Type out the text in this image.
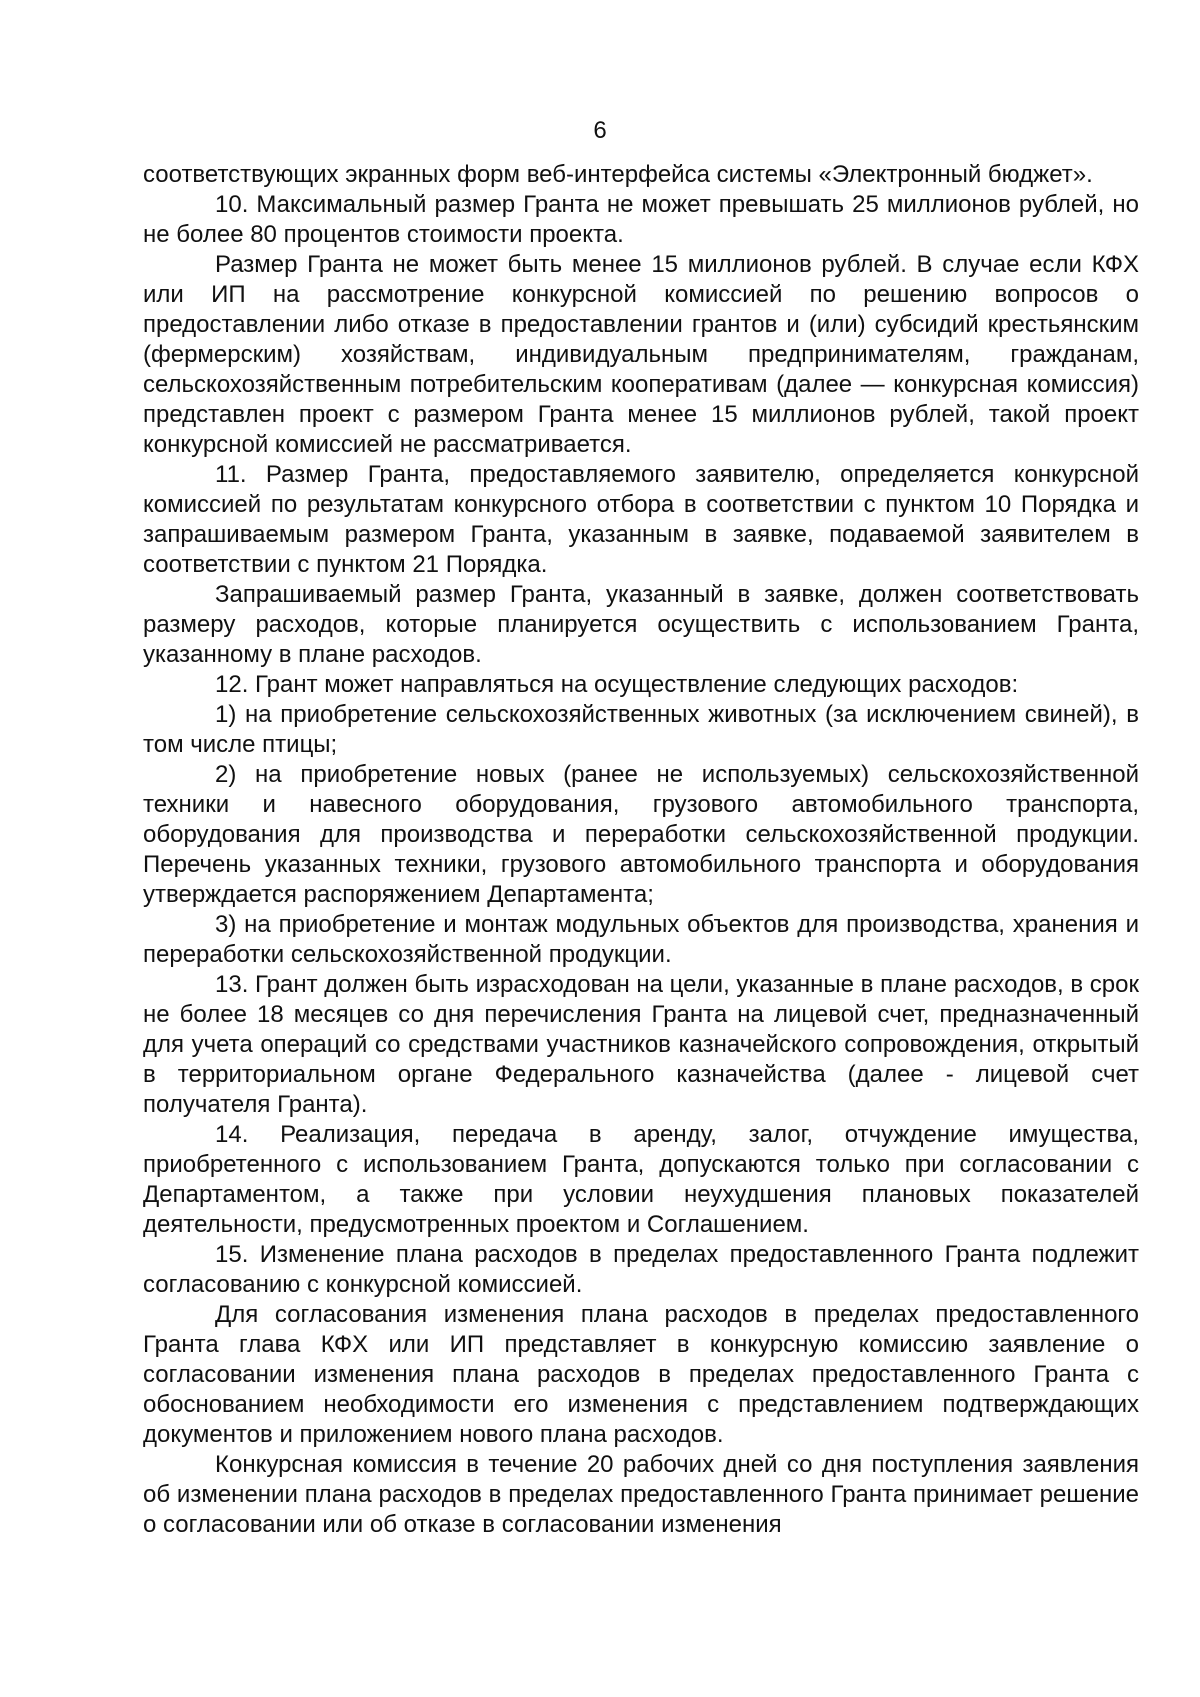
6

соответствующих экранных форм веб-интерфейса системы «Электронный бюджет».

10. Максимальный размер Гранта не может превышать 25 миллионов рублей, но не более 80 процентов стоимости проекта.

Размер Гранта не может быть менее 15 миллионов рублей. В случае если КФХ или ИП на рассмотрение конкурсной комиссией по решению вопросов о предоставлении либо отказе в предоставлении грантов и (или) субсидий крестьянским (фермерским) хозяйствам, индивидуальным предпринимателям, гражданам, сельскохозяйственным потребительским кооперативам (далее — конкурсная комиссия) представлен проект с размером Гранта менее 15 миллионов рублей, такой проект конкурсной комиссией не рассматривается.

11. Размер Гранта, предоставляемого заявителю, определяется конкурсной комиссией по результатам конкурсного отбора в соответствии с пунктом 10 Порядка и запрашиваемым размером Гранта, указанным в заявке, подаваемой заявителем в соответствии с пунктом 21 Порядка.

Запрашиваемый размер Гранта, указанный в заявке, должен соответствовать размеру расходов, которые планируется осуществить с использованием Гранта, указанному в плане расходов.

12. Грант может направляться на осуществление следующих расходов:

1) на приобретение сельскохозяйственных животных (за исключением свиней), в том числе птицы;

2) на приобретение новых (ранее не используемых) сельскохозяйственной техники и навесного оборудования, грузового автомобильного транспорта, оборудования для производства и переработки сельскохозяйственной продукции. Перечень указанных техники, грузового автомобильного транспорта и оборудования утверждается распоряжением Департамента;

3) на приобретение и монтаж модульных объектов для производства, хранения и переработки сельскохозяйственной продукции.

13. Грант должен быть израсходован на цели, указанные в плане расходов, в срок не более 18 месяцев со дня перечисления Гранта на лицевой счет, предназначенный для учета операций со средствами участников казначейского сопровождения, открытый в территориальном органе Федерального казначейства (далее - лицевой счет получателя Гранта).

14. Реализация, передача в аренду, залог, отчуждение имущества, приобретенного с использованием Гранта, допускаются только при согласовании с Департаментом, а также при условии неухудшения плановых показателей деятельности, предусмотренных проектом и Соглашением.

15. Изменение плана расходов в пределах предоставленного Гранта подлежит согласованию с конкурсной комиссией.

Для согласования изменения плана расходов в пределах предоставленного Гранта глава КФХ или ИП представляет в конкурсную комиссию заявление о согласовании изменения плана расходов в пределах предоставленного Гранта с обоснованием необходимости его изменения с представлением подтверждающих документов и приложением нового плана расходов.

Конкурсная комиссия в течение 20 рабочих дней со дня поступления заявления об изменении плана расходов в пределах предоставленного Гранта принимает решение о согласовании или об отказе в согласовании изменения
